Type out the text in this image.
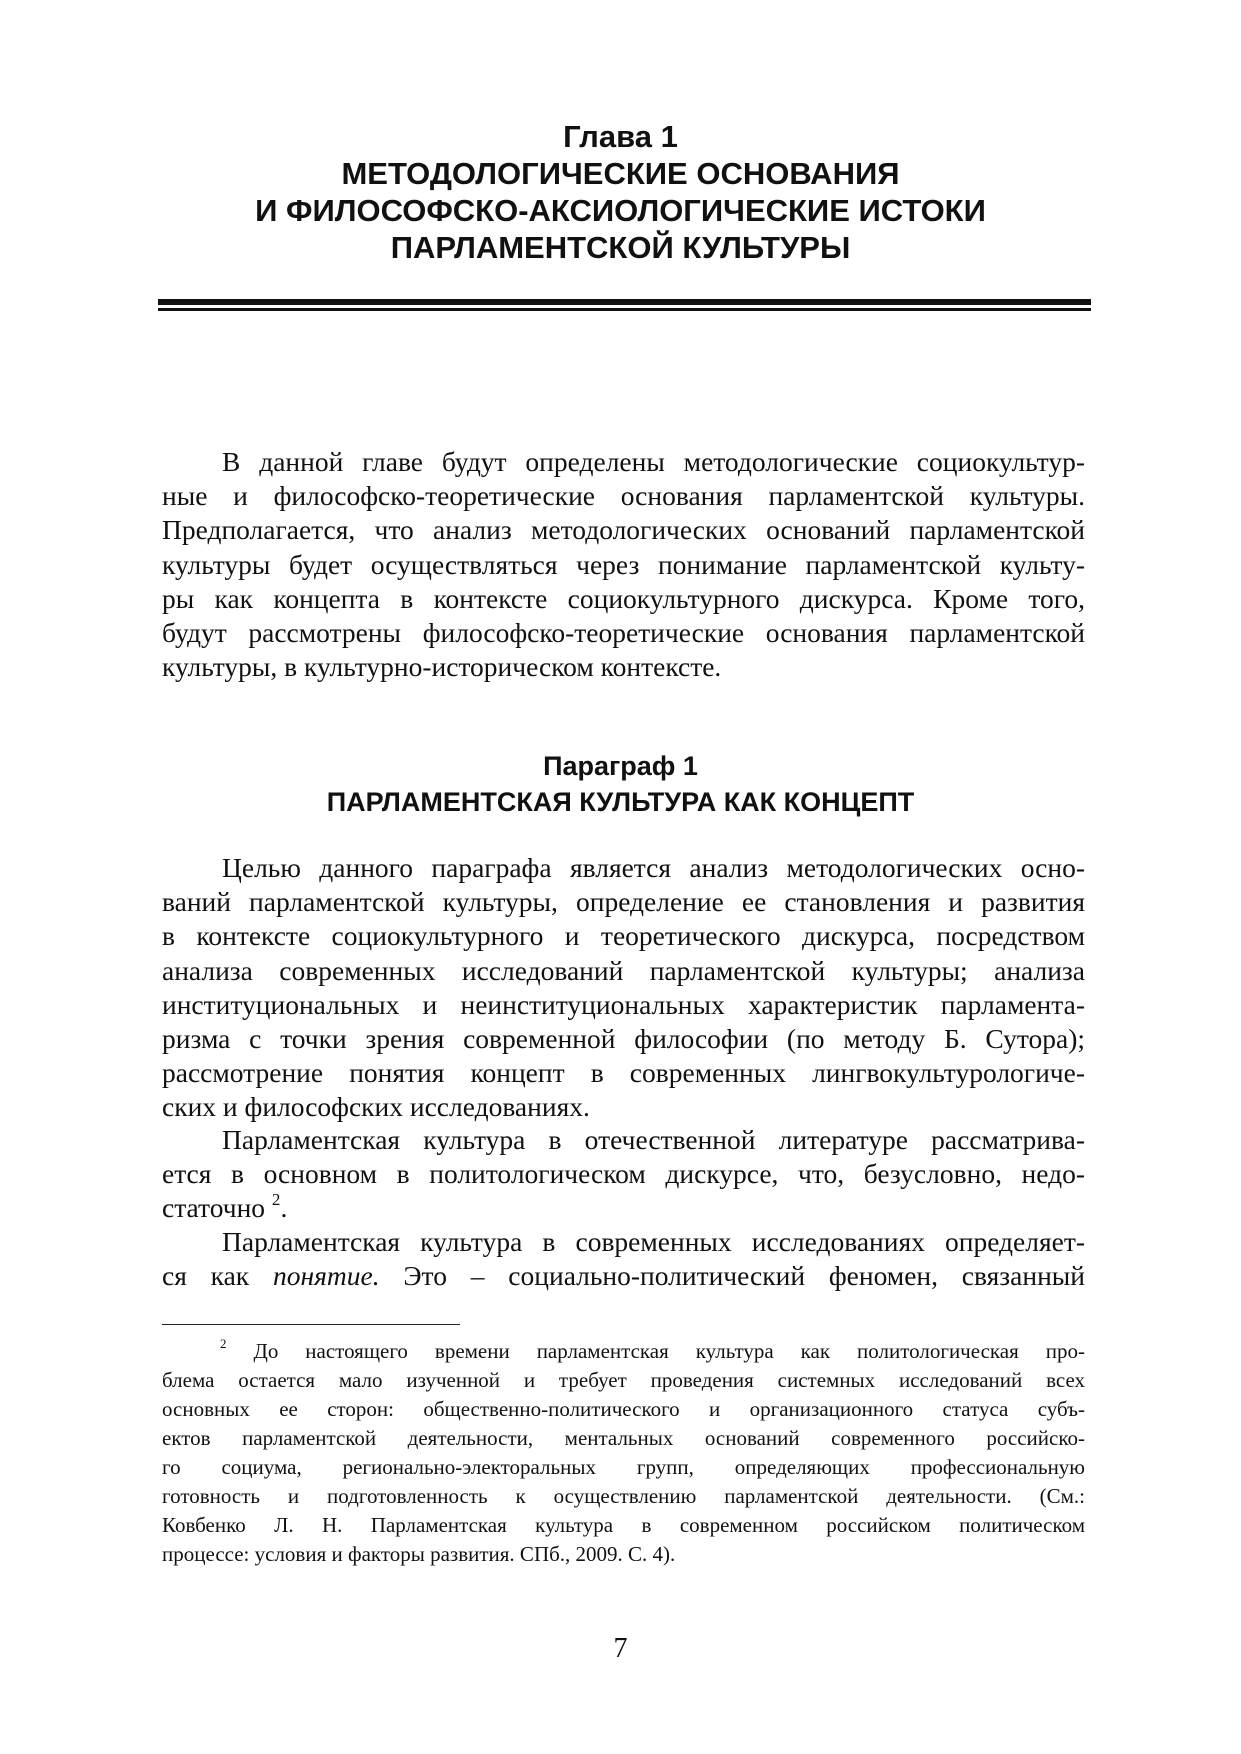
Глава 1
МЕТОДОЛОГИЧЕСКИЕ ОСНОВАНИЯ
И ФИЛОСОФСКО-АКСИОЛОГИЧЕСКИЕ ИСТОКИ
ПАРЛАМЕНТСКОЙ КУЛЬТУРЫ
В данной главе будут определены методологические социокультур-
ные и философско-теоретические основания парламентской культуры.
Предполагается, что анализ методологических оснований парламентской
культуры будет осуществляться через понимание парламентской культу-
ры как концепта в контексте социокультурного дискурса. Кроме того,
будут рассмотрены философско-теоретические основания парламентской
культуры, в культурно-историческом контексте.
Параграф 1
ПАРЛАМЕНТСКАЯ КУЛЬТУРА КАК КОНЦЕПТ
Целью данного параграфа является анализ методологических осно-
ваний парламентской культуры, определение ее становления и развития
в контексте социокультурного и теоретического дискурса, посредством
анализа современных исследований парламентской культуры; анализа
институциональных и неинституциональных характеристик парламента-
ризма с точки зрения современной философии (по методу Б. Сутора);
рассмотрение понятия концепт в современных лингвокультурологиче-
ских и философских исследованиях.
Парламентская культура в отечественной литературе рассматрива-
ется в основном в политологическом дискурсе, что, безусловно, недо-
статочно $^2$.
Парламентская культура в современных исследованиях определяет-
ся как понятие. Это – социально-политический феномен, связанный
$^2$ До настоящего времени парламентская культура как политологическая про-
блема остается мало изученной и требует проведения системных исследований всех
основных ее сторон: общественно-политического и организационного статуса субъ-
ектов парламентской деятельности, ментальных оснований современного российско-
го социума, регионально-электоральных групп, определяющих профессиональную
готовность и подготовленность к осуществлению парламентской деятельности. (См.:
Ковбенко Л. Н. Парламентская культура в современном российском политическом
процессе: условия и факторы развития. СПб., 2009. С. 4).
7
